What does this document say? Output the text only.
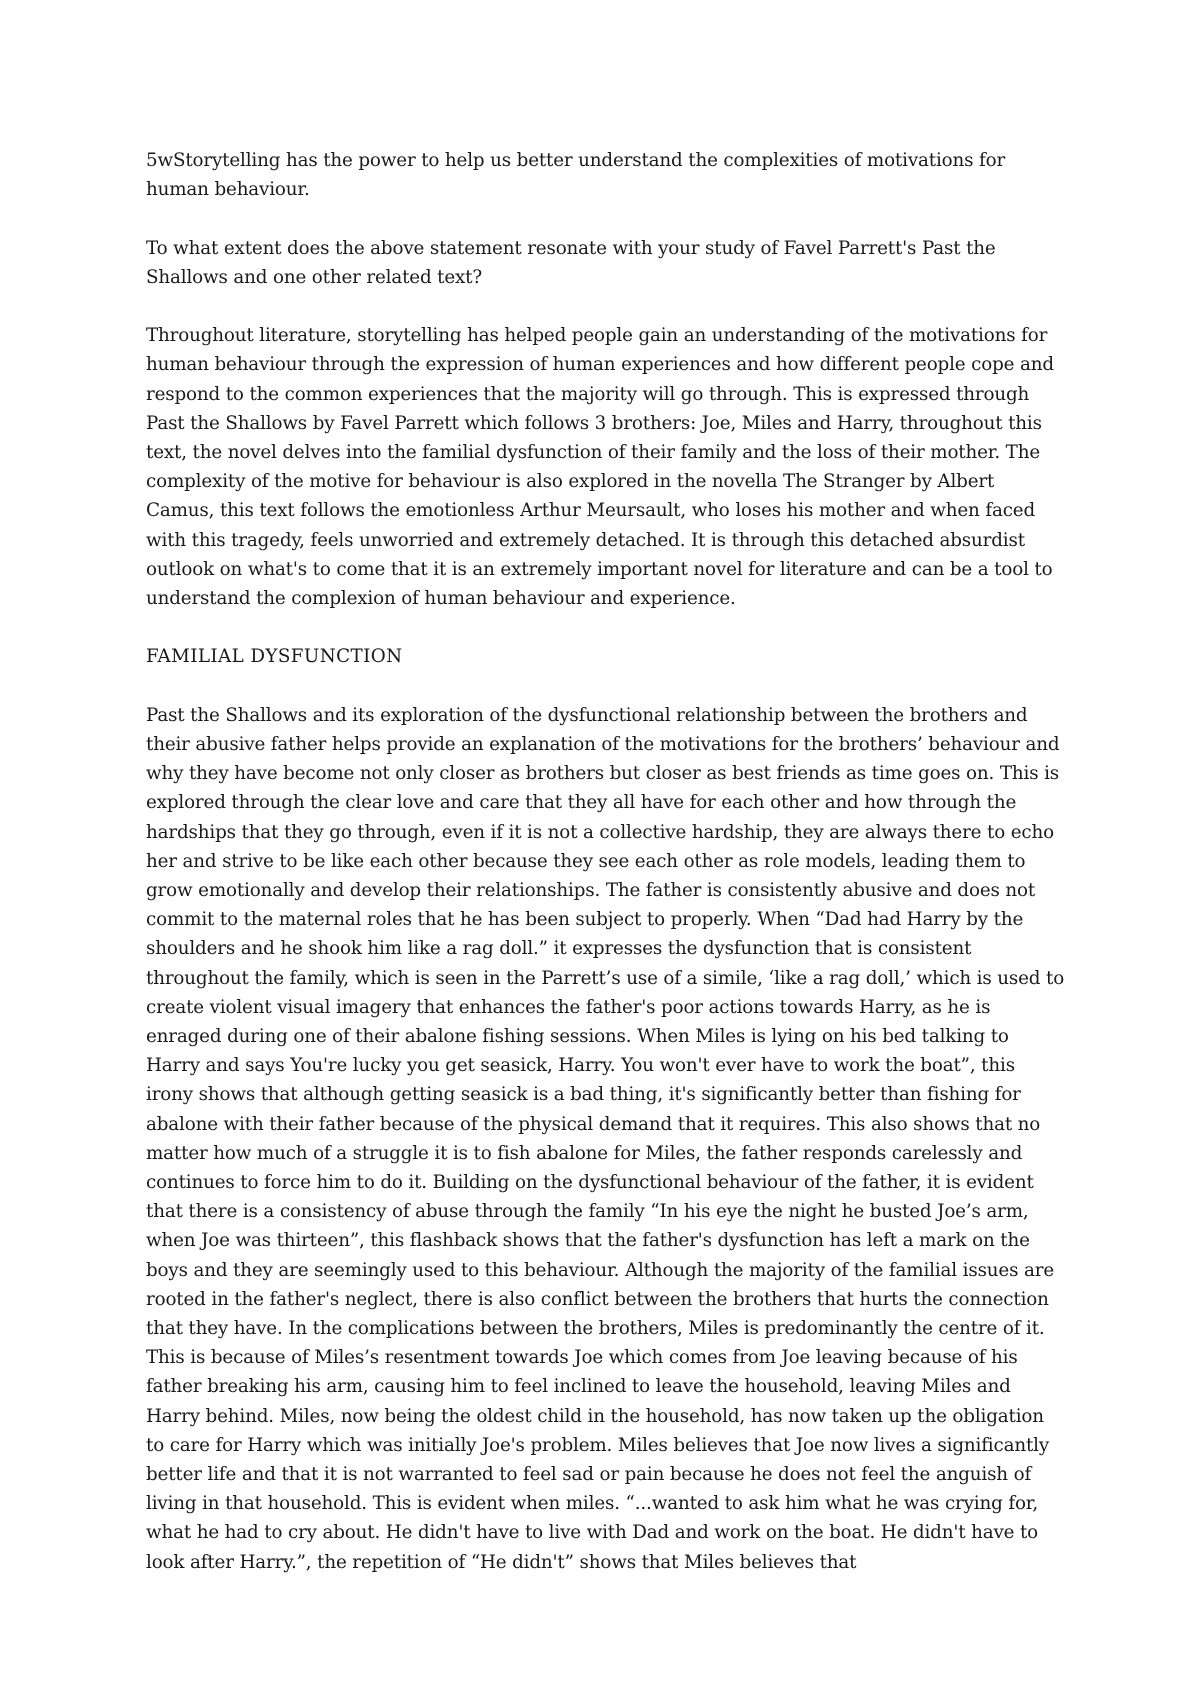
5wStorytelling has the power to help us better understand the complexities of motivations for human behaviour.

To what extent does the above statement resonate with your study of Favel Parrett's Past the Shallows and one other related text?

Throughout literature, storytelling has helped people gain an understanding of the motivations for human behaviour through the expression of human experiences and how different people cope and respond to the common experiences that the majority will go through. This is expressed through Past the Shallows by Favel Parrett which follows 3 brothers: Joe, Miles and Harry, throughout this text, the novel delves into the familial dysfunction of their family and the loss of their mother. The complexity of the motive for behaviour is also explored in the novella The Stranger by Albert Camus, this text follows the emotionless Arthur Meursault, who loses his mother and when faced with this tragedy, feels unworried and extremely detached. It is through this detached absurdist outlook on what's to come that it is an extremely important novel for literature and can be a tool to understand the complexion of human behaviour and experience.

FAMILIAL DYSFUNCTION

Past the Shallows and its exploration of the dysfunctional relationship between the brothers and their abusive father helps provide an explanation of the motivations for the brothers’ behaviour and why they have become not only closer as brothers but closer as best friends as time goes on. This is explored through the clear love and care that they all have for each other and how through the hardships that they go through, even if it is not a collective hardship, they are always there to echo her and strive to be like each other because they see each other as role models, leading them to grow emotionally and develop their relationships. The father is consistently abusive and does not commit to the maternal roles that he has been subject to properly. When “Dad had Harry by the shoulders and he shook him like a rag doll.” it expresses the dysfunction that is consistent throughout the family, which is seen in the Parrett’s use of a simile, ‘like a rag doll,’ which is used to create violent visual imagery that enhances the father's poor actions towards Harry, as he is enraged during one of their abalone fishing sessions. When Miles is lying on his bed talking to Harry and says You're lucky you get seasick, Harry. You won't ever have to work the boat”, this irony shows that although getting seasick is a bad thing, it's significantly better than fishing for abalone with their father because of the physical demand that it requires. This also shows that no matter how much of a struggle it is to fish abalone for Miles, the father responds carelessly and continues to force him to do it. Building on the dysfunctional behaviour of the father, it is evident that there is a consistency of abuse through the family “In his eye the night he busted Joe’s arm, when Joe was thirteen”, this flashback shows that the father's dysfunction has left a mark on the boys and they are seemingly used to this behaviour. Although the majority of the familial issues are rooted in the father's neglect, there is also conflict between the brothers that hurts the connection that they have. In the complications between the brothers, Miles is predominantly the centre of it. This is because of Miles’s resentment towards Joe which comes from Joe leaving because of his father breaking his arm, causing him to feel inclined to leave the household, leaving Miles and Harry behind. Miles, now being the oldest child in the household, has now taken up the obligation to care for Harry which was initially Joe's problem. Miles believes that Joe now lives a significantly better life and that it is not warranted to feel sad or pain because he does not feel the anguish of living in that household. This is evident when miles. “...wanted to ask him what he was crying for, what he had to cry about. He didn't have to live with Dad and work on the boat. He didn't have to look after Harry.”, the repetition of “He didn't” shows that Miles believes that
